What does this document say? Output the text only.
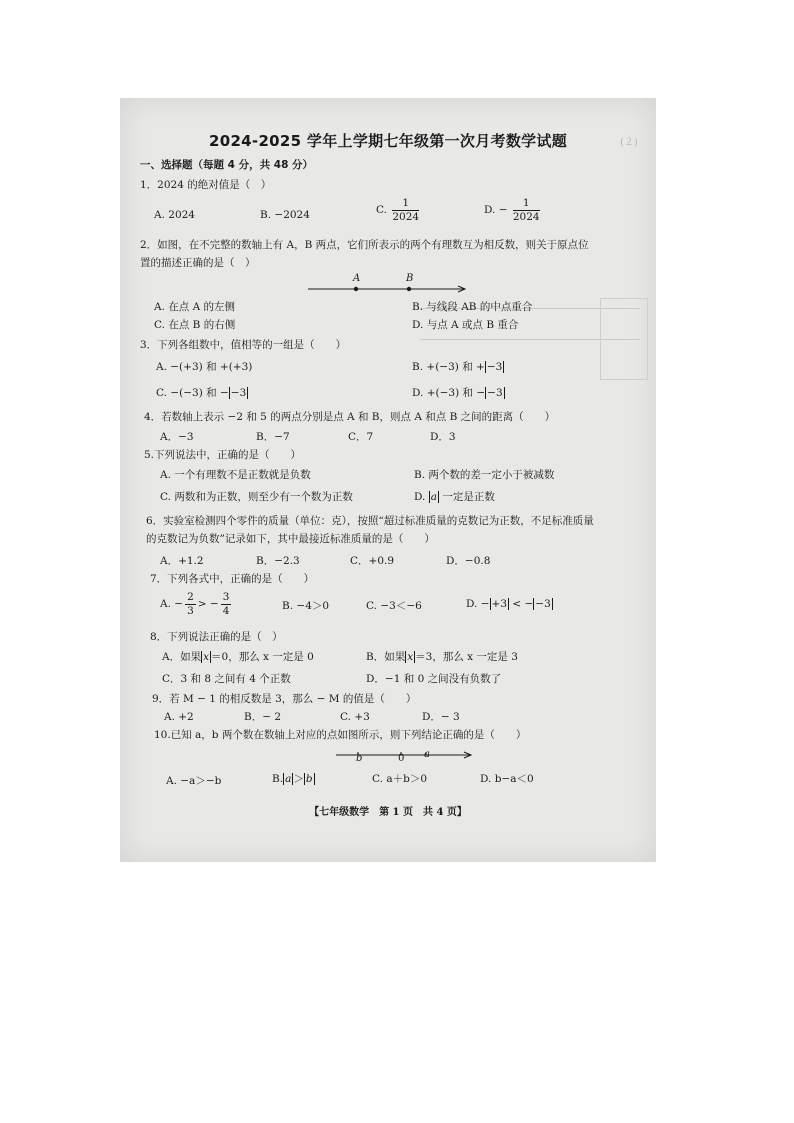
(２)

2024-2025 学年上学期七年级第一次月考数学试题
一、选择题（每题 4 分，共 48 分）
1．2024 的绝对值是（　）
A. 2024	B. −2024	C. $\frac{1}{2024}$	D. − $\frac{1}{2024}$
2．如图，在不完整的数轴上有 A，B 两点，它们所表示的两个有理数互为相反数，则关于原点位
置的描述正确的是（　）
A	B
A. 在点 A 的左侧	B. 与线段 AB 的中点重合
C. 在点 B 的右侧	D. 与点 A 或点 B 重合
3．下列各组数中，值相等的一组是（　　）
A. −(+3) 和 +(+3)	B. +(−3) 和 + −3
C. −(−3) 和 − −3	D. +(−3) 和 − −3
4．若数轴上表示 −2 和 5 的两点分别是点 A 和 B，则点 A 和点 B 之间的距离（　　）
A．−3	B．−7	C．7	D．3
5.下列说法中，正确的是（　　）
A. 一个有理数不是正数就是负数	B. 两个数的差一定小于被减数
C. 两数和为正数，则至少有一个数为正数	D. a 一定是正数
6．实验室检测四个零件的质量（单位：克），按照“超过标准质量的克数记为正数，不足标准质量
的克数记为负数”记录如下，其中最接近标准质量的是（　　）
A．+1.2	B．−2.3	C．+0.9	D．−0.8
7．下列各式中，正确的是（　　）
A. − $\frac{2}{3}$ > − $\frac{3}{4}$	B. −4＞0	C. −3＜−6	D. − +3 < − −3
8．下列说法正确的是（　）
A．如果 x ＝0，那么 x 一定是 0	B．如果 x ＝3，那么 x 一定是 3
C．3 和 8 之间有 4 个正数	D．−1 和 0 之间没有负数了
9．若 M − 1 的相反数是 3，那么 − M 的值是（　　）
A. +2	B．− 2	C. +3	D．− 3
10.已知 a，b 两个数在数轴上对应的点如图所示，则下列结论正确的是（　　）
b	0 a
A. −a＞−b	B. a ＞ b	C. a＋b＞0	D. b−a＜0
【七年级数学　第 1 页　共 4 页】
